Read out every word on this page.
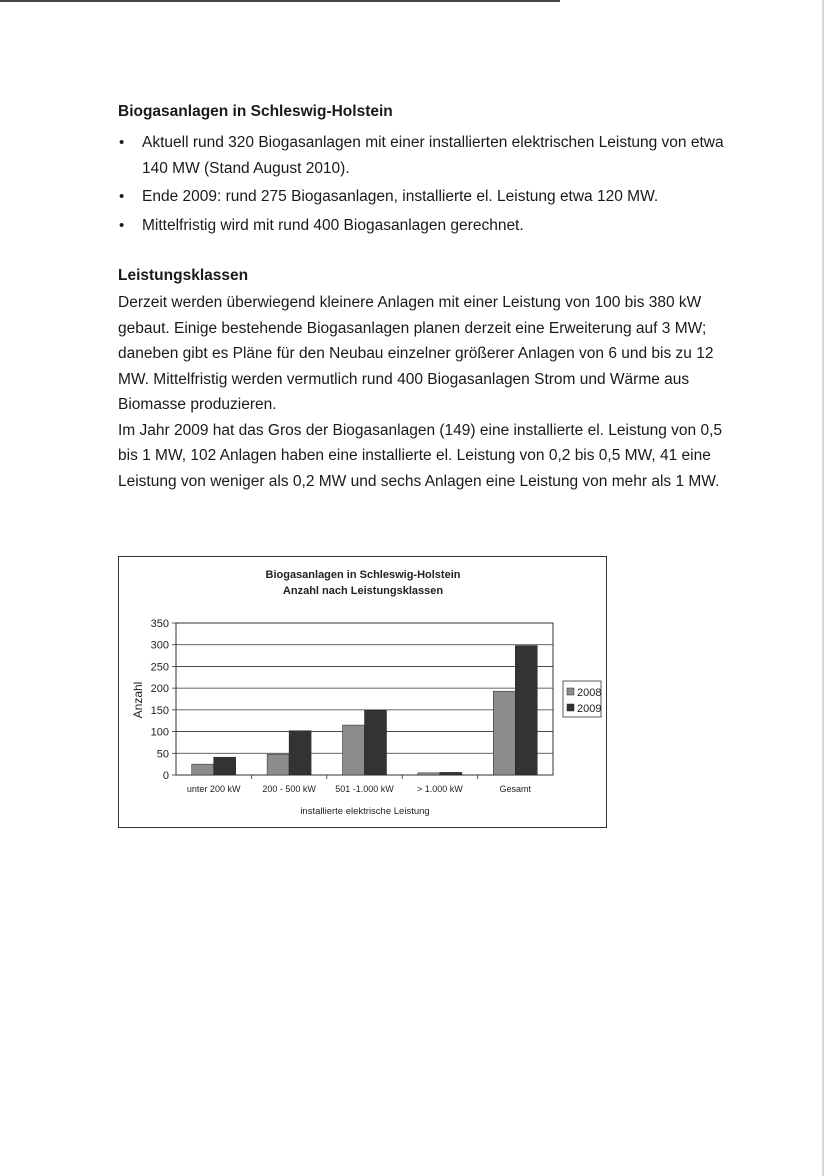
Biogasanlagen in Schleswig-Holstein
• Aktuell rund 320 Biogasanlagen mit einer installierten elektrischen Leistung von etwa 140 MW (Stand August 2010).
• Ende 2009: rund 275 Biogasanlagen, installierte el. Leistung etwa 120 MW.
• Mittelfristig wird mit rund 400 Biogasanlagen gerechnet.
Leistungsklassen

Derzeit werden überwiegend kleinere Anlagen mit einer Leistung von 100 bis 380 kW gebaut. Einige bestehende Biogasanlagen planen derzeit eine Erweiterung auf 3 MW; daneben gibt es Pläne für den Neubau einzelner größerer Anlagen von 6 und bis zu 12 MW. Mittelfristig werden vermutlich rund 400 Biogasanlagen Strom und Wärme aus Biomasse produzieren.

Im Jahr 2009 hat das Gros der Biogasanlagen (149) eine installierte el. Leistung von 0,5 bis 1 MW, 102 Anlagen haben eine installierte el. Leistung von 0,2 bis 0,5 MW, 41 eine Leistung von weniger als 0,2 MW und sechs Anlagen eine Leistung von mehr als 1 MW.

Biogasanlagen in Schleswig-Holstein
Anzahl nach Leistungsklassen
Anzahl
installierte elektrische Leistung
0
50
100
150
200
250
300
350
unter 200 kW 200 - 500 kW 501 -1.000 kW	> 1.000 kW	Gesamt
2008
2009
